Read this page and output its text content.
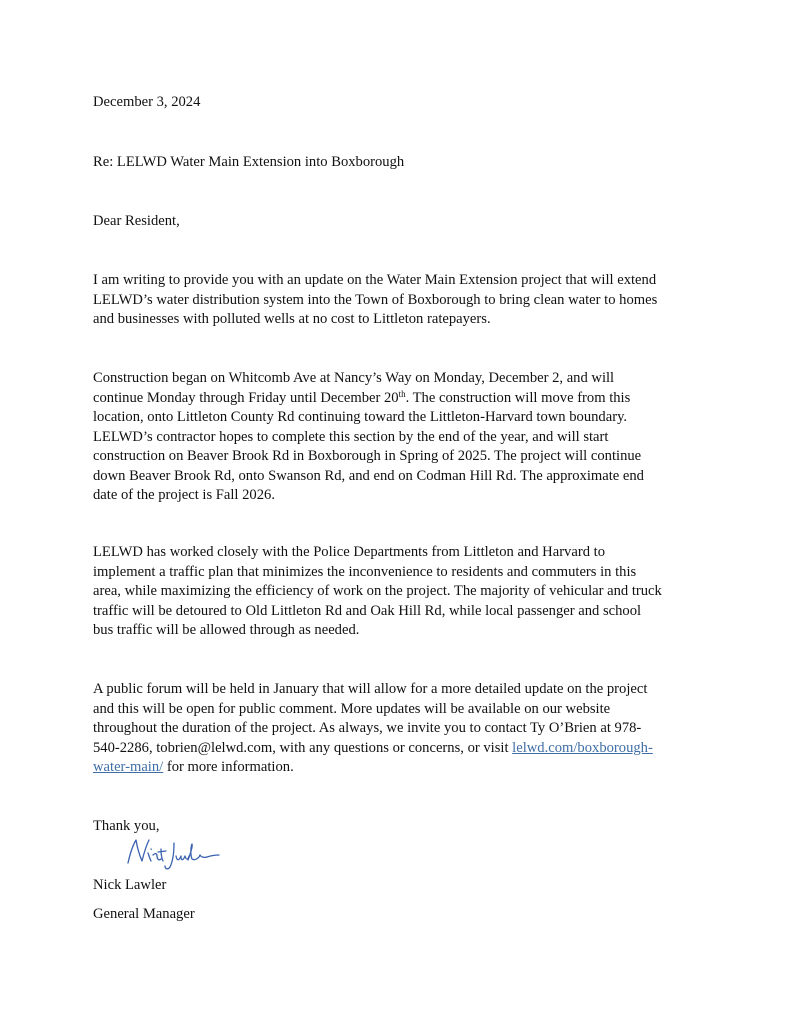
December 3, 2024
Re: LELWD Water Main Extension into Boxborough
Dear Resident,
I am writing to provide you with an update on the Water Main Extension project that will extend
LELWD’s water distribution system into the Town of Boxborough to bring clean water to homes
and businesses with polluted wells at no cost to Littleton ratepayers.
Construction began on Whitcomb Ave at Nancy’s Way on Monday, December 2, and will
continue Monday through Friday until December 20th. The construction will move from this
location, onto Littleton County Rd continuing toward the Littleton-Harvard town boundary.
LELWD’s contractor hopes to complete this section by the end of the year, and will start
construction on Beaver Brook Rd in Boxborough in Spring of 2025. The project will continue
down Beaver Brook Rd, onto Swanson Rd, and end on Codman Hill Rd. The approximate end
date of the project is Fall 2026.
LELWD has worked closely with the Police Departments from Littleton and Harvard to
implement a traffic plan that minimizes the inconvenience to residents and commuters in this
area, while maximizing the efficiency of work on the project. The majority of vehicular and truck
traffic will be detoured to Old Littleton Rd and Oak Hill Rd, while local passenger and school
bus traffic will be allowed through as needed.
A public forum will be held in January that will allow for a more detailed update on the project
and this will be open for public comment. More updates will be available on our website
throughout the duration of the project. As always, we invite you to contact Ty O’Brien at 978-
540-2286, tobrien@lelwd.com, with any questions or concerns, or visit lelwd.com/boxborough-
water-main/ for more information.
Thank you,
Nick Lawler
General Manager
